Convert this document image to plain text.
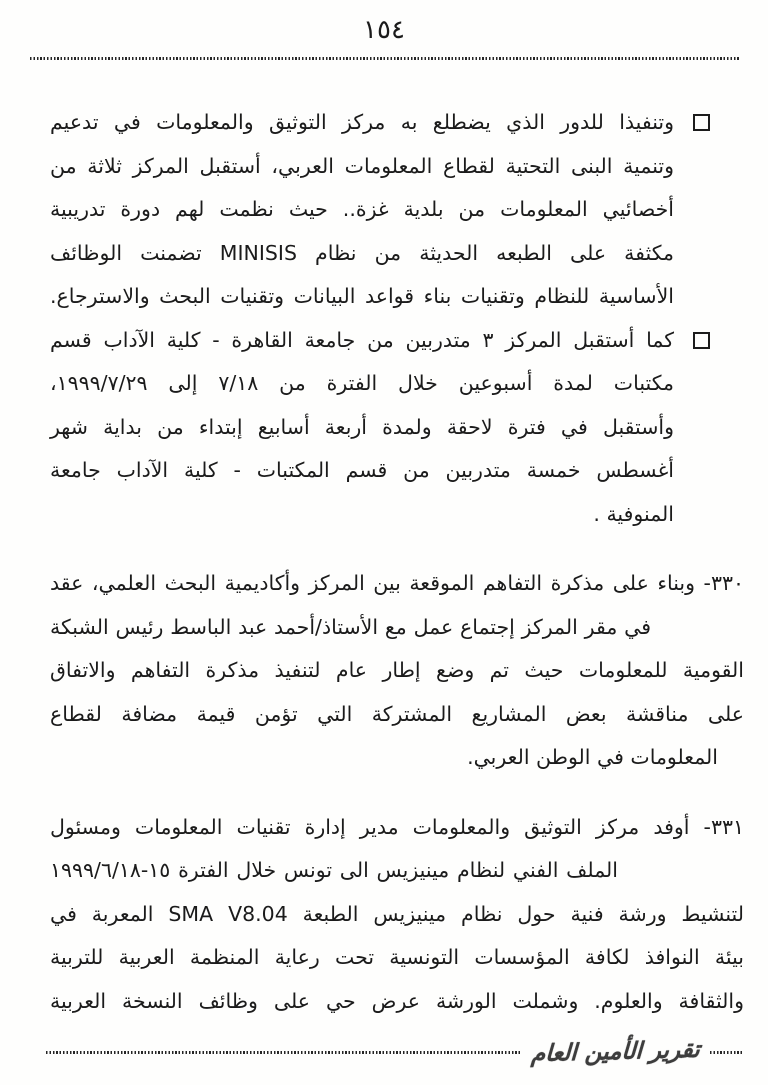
١٥٤
وتنفيذا للدور الذي يضطلع به مركز التوثيق والمعلومات في تدعيم
وتنمية البنى التحتية لقطاع المعلومات العربي، أستقبل المركز ثلاثة من
أخصائيي المعلومات من بلدية غزة.. حيث نظمت لهم دورة تدريبية
مكثفة على الطبعه الحديثة من نظام MINISIS تضمنت الوظائف
الأساسية للنظام وتقنيات بناء قواعد البيانات وتقنيات البحث والاسترجاع.
كما أستقبل المركز ٣ متدربين من جامعة القاهرة - كلية الآداب قسم
مكتبات لمدة أسبوعين خلال الفترة من ٧/١٨ إلى ١٩٩٩/٧/٢٩،
وأستقبل في فترة لاحقة ولمدة أربعة أسابيع إبتداء من بداية شهر
أغسطس خمسة متدربين من قسم المكتبات - كلية الآداب جامعة
المنوفية .
٣٣٠- وبناء على مذكرة التفاهم الموقعة بين المركز وأكاديمية البحث العلمي، عقد
في مقر المركز إجتماع عمل مع الأستاذ/أحمد عبد الباسط رئيس الشبكة
القومية للمعلومات حيث تم وضع إطار عام لتنفيذ مذكرة التفاهم والاتفاق
على مناقشة بعض المشاريع المشتركة التي تؤمن قيمة مضافة لقطاع
المعلومات في الوطن العربي.
٣٣١- أوفد مركز التوثيق والمعلومات مدير إدارة تقنيات المعلومات ومسئول
الملف الفني لنظام مينيزيس الى تونس خلال الفترة ١٥-١٩٩٩/٦/١٨
لتنشيط ورشة فنية حول نظام مينيزيس الطبعة SMA V8.04 المعربة في
بيئة النوافذ لكافة المؤسسات التونسية تحت رعاية المنظمة العربية للتربية
والثقافة والعلوم. وشملت الورشة عرض حي على وظائف النسخة العربية
تقرير الأمين العام
